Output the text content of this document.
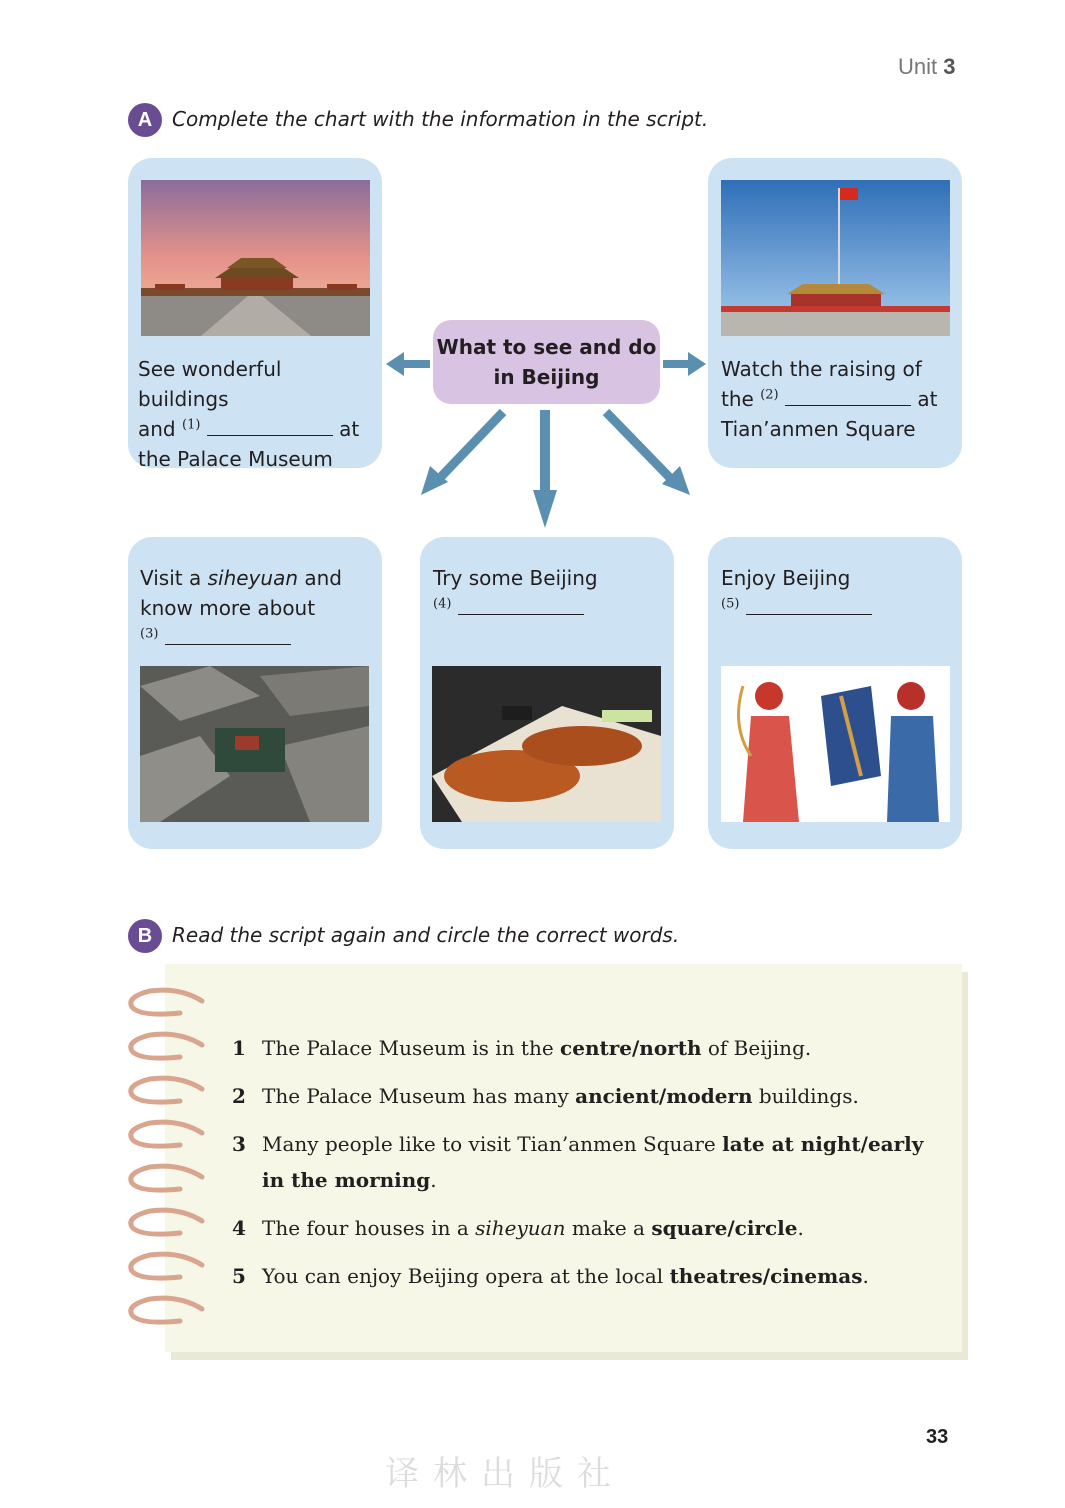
Unit 3
A Complete the chart with the information in the script.
See wonderful buildings
and $^{(1)}$	at
the Palace Museum
Watch the raising of
the $^{(2)}$	at
Tian’anmen Square
What to see and do
in Beijing
Visit a siheyuan and
know more about
$^{(3)}$
Try some Beijing
$^{(4)}$
Enjoy Beijing
$^{(5)}$
B Read the script again and circle the correct words.
1 The Palace Museum is in the centre/north of Beijing.
2 The Palace Museum has many ancient/modern buildings.
3 Many people like to visit Tian’anmen Square late at night/early
in the morning.
4 The four houses in a siheyuan make a square/circle.
5 You can enjoy Beijing opera at the local theatres/cinemas.
33
译林出版社
